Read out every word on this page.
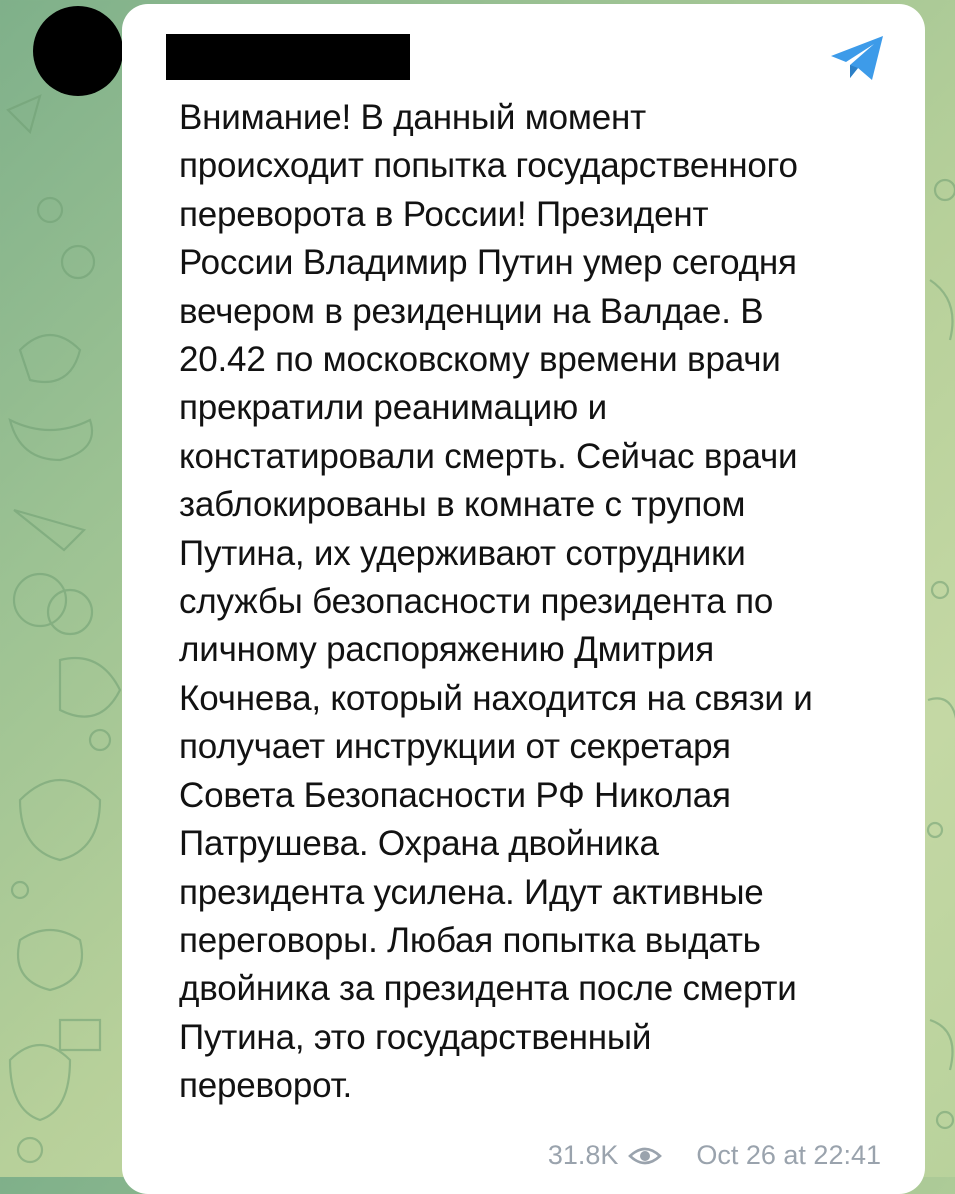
Внимание! В данный момент
происходит попытка государственного
переворота в России! Президент
России Владимир Путин умер сегодня
вечером в резиденции на Валдае. В
20.42 по московскому времени врачи
прекратили реанимацию и
констатировали смерть. Сейчас врачи
заблокированы в комнате с трупом
Путина, их удерживают сотрудники
службы безопасности президента по
личному распоряжению Дмитрия
Кочнева, который находится на связи и
получает инструкции от секретаря
Совета Безопасности РФ Николая
Патрушева. Охрана двойника
президента усилена. Идут активные
переговоры. Любая попытка выдать
двойника за президента после смерти
Путина, это государственный
переворот.

31.8K	Oct 26 at 22:41
